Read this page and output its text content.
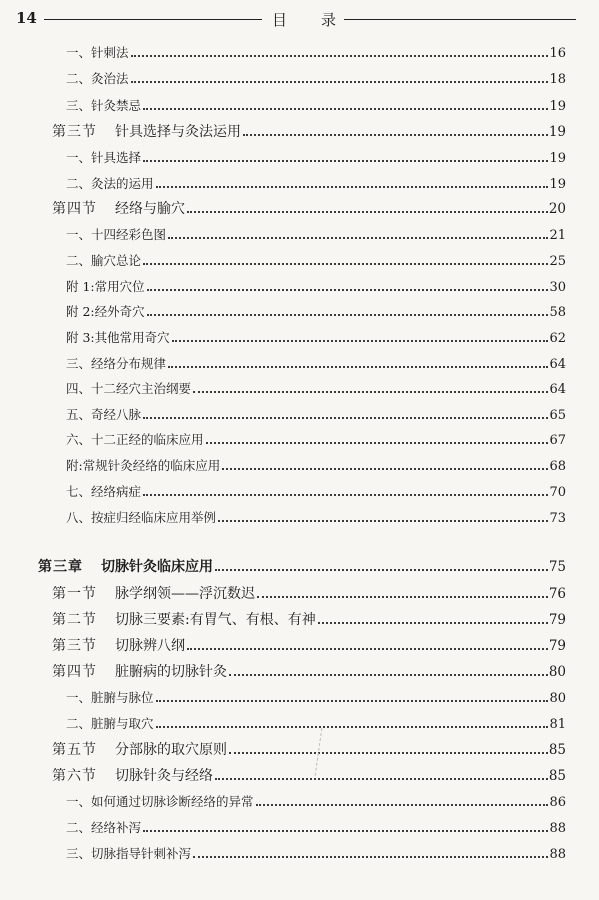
14	目 录
一、针刺法	16
二、灸治法	18
三、针灸禁忌	19
第三节 针具选择与灸法运用	19
一、针具选择	19
二、灸法的运用	19
第四节 经络与腧穴	20
一、十四经彩色图	21
二、腧穴总论	25
附 1:常用穴位	30
附 2:经外奇穴	58
附 3:其他常用奇穴	62
三、经络分布规律	64
四、十二经穴主治纲要	64
五、奇经八脉	65
六、十二正经的临床应用	67
附:常规针灸经络的临床应用	68
七、经络病症	70
八、按症归经临床应用举例	73
第三章 切脉针灸临床应用	75
第一节 脉学纲领——浮沉数迟	76
第二节 切脉三要素:有胃气、有根、有神	79
第三节 切脉辨八纲	79
第四节 脏腑病的切脉针灸	80
一、脏腑与脉位	80
二、脏腑与取穴	81
第五节 分部脉的取穴原则	85
第六节 切脉针灸与经络	85
一、如何通过切脉诊断经络的异常	86
二、经络补泻	88
三、切脉指导针刺补泻	88
